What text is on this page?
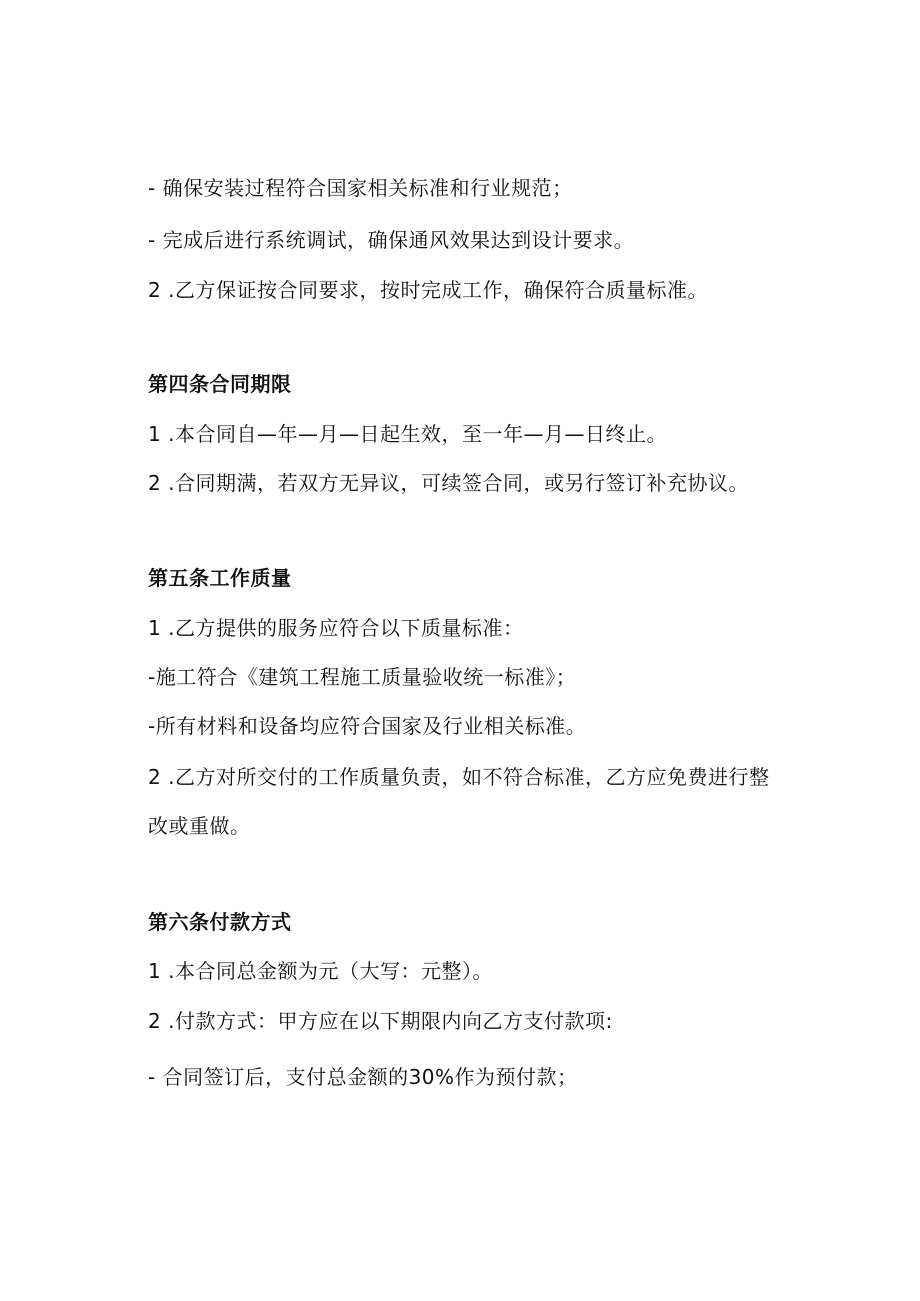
- 确保安装过程符合国家相关标准和行业规范；
- 完成后进行系统调试，确保通风效果达到设计要求。
2 .乙方保证按合同要求，按时完成工作，确保符合质量标准。
第四条合同期限
1 .本合同自—年—月—日起生效，至一年—月—日终止。
2 .合同期满，若双方无异议，可续签合同，或另行签订补充协议。
第五条工作质量
1 .乙方提供的服务应符合以下质量标准：
-施工符合《建筑工程施工质量验收统一标准》；
-所有材料和设备均应符合国家及行业相关标准。
2 .乙方对所交付的工作质量负责，如不符合标准，乙方应免费进行整
改或重做。
第六条付款方式
1 .本合同总金额为元（大写：元整）。
2 .付款方式：甲方应在以下期限内向乙方支付款项:
- 合同签订后，支付总金额的30%作为预付款；
